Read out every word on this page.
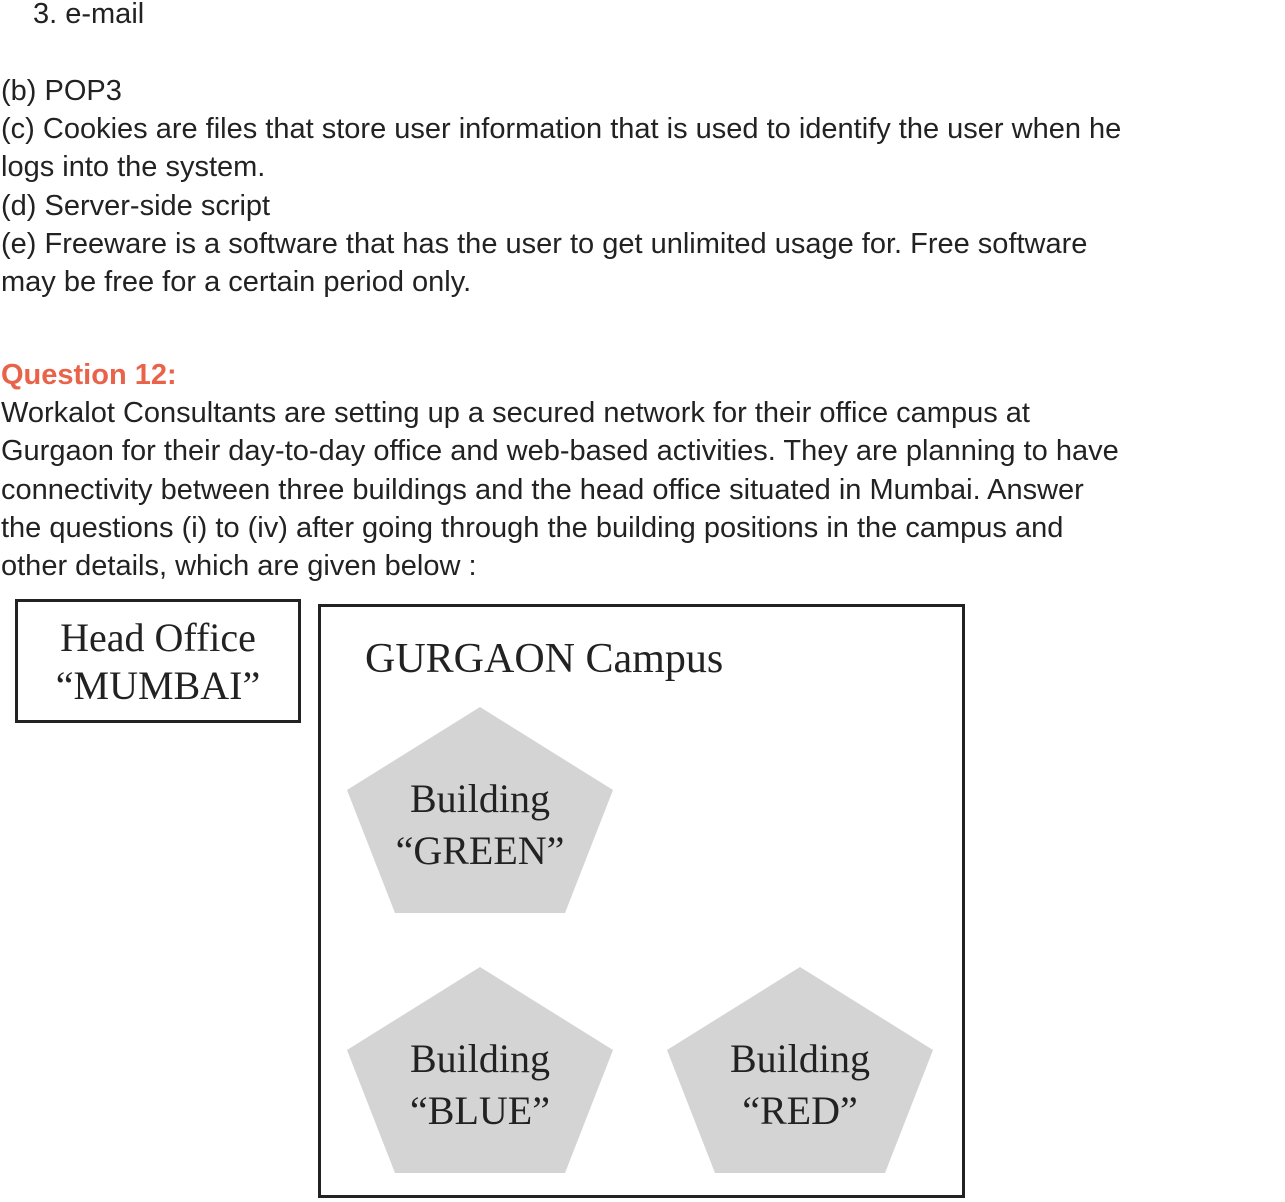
3. e-mail
(b) POP3
(c) Cookies are files that store user information that is used to identify the user when he
logs into the system.
(d) Server-side script
(e) Freeware is a software that has the user to get unlimited usage for. Free software
may be free for a certain period only.
Question 12:
Workalot Consultants are setting up a secured network for their office campus at
Gurgaon for their day-to-day office and web-based activities. They are planning to have
connectivity between three buildings and the head office situated in Mumbai. Answer
the questions (i) to (iv) after going through the building positions in the campus and
other details, which are given below :
Head Office
“MUMBAI”
GURGAON Campus
Building
“GREEN”
Building
“BLUE”
Building
“RED”
